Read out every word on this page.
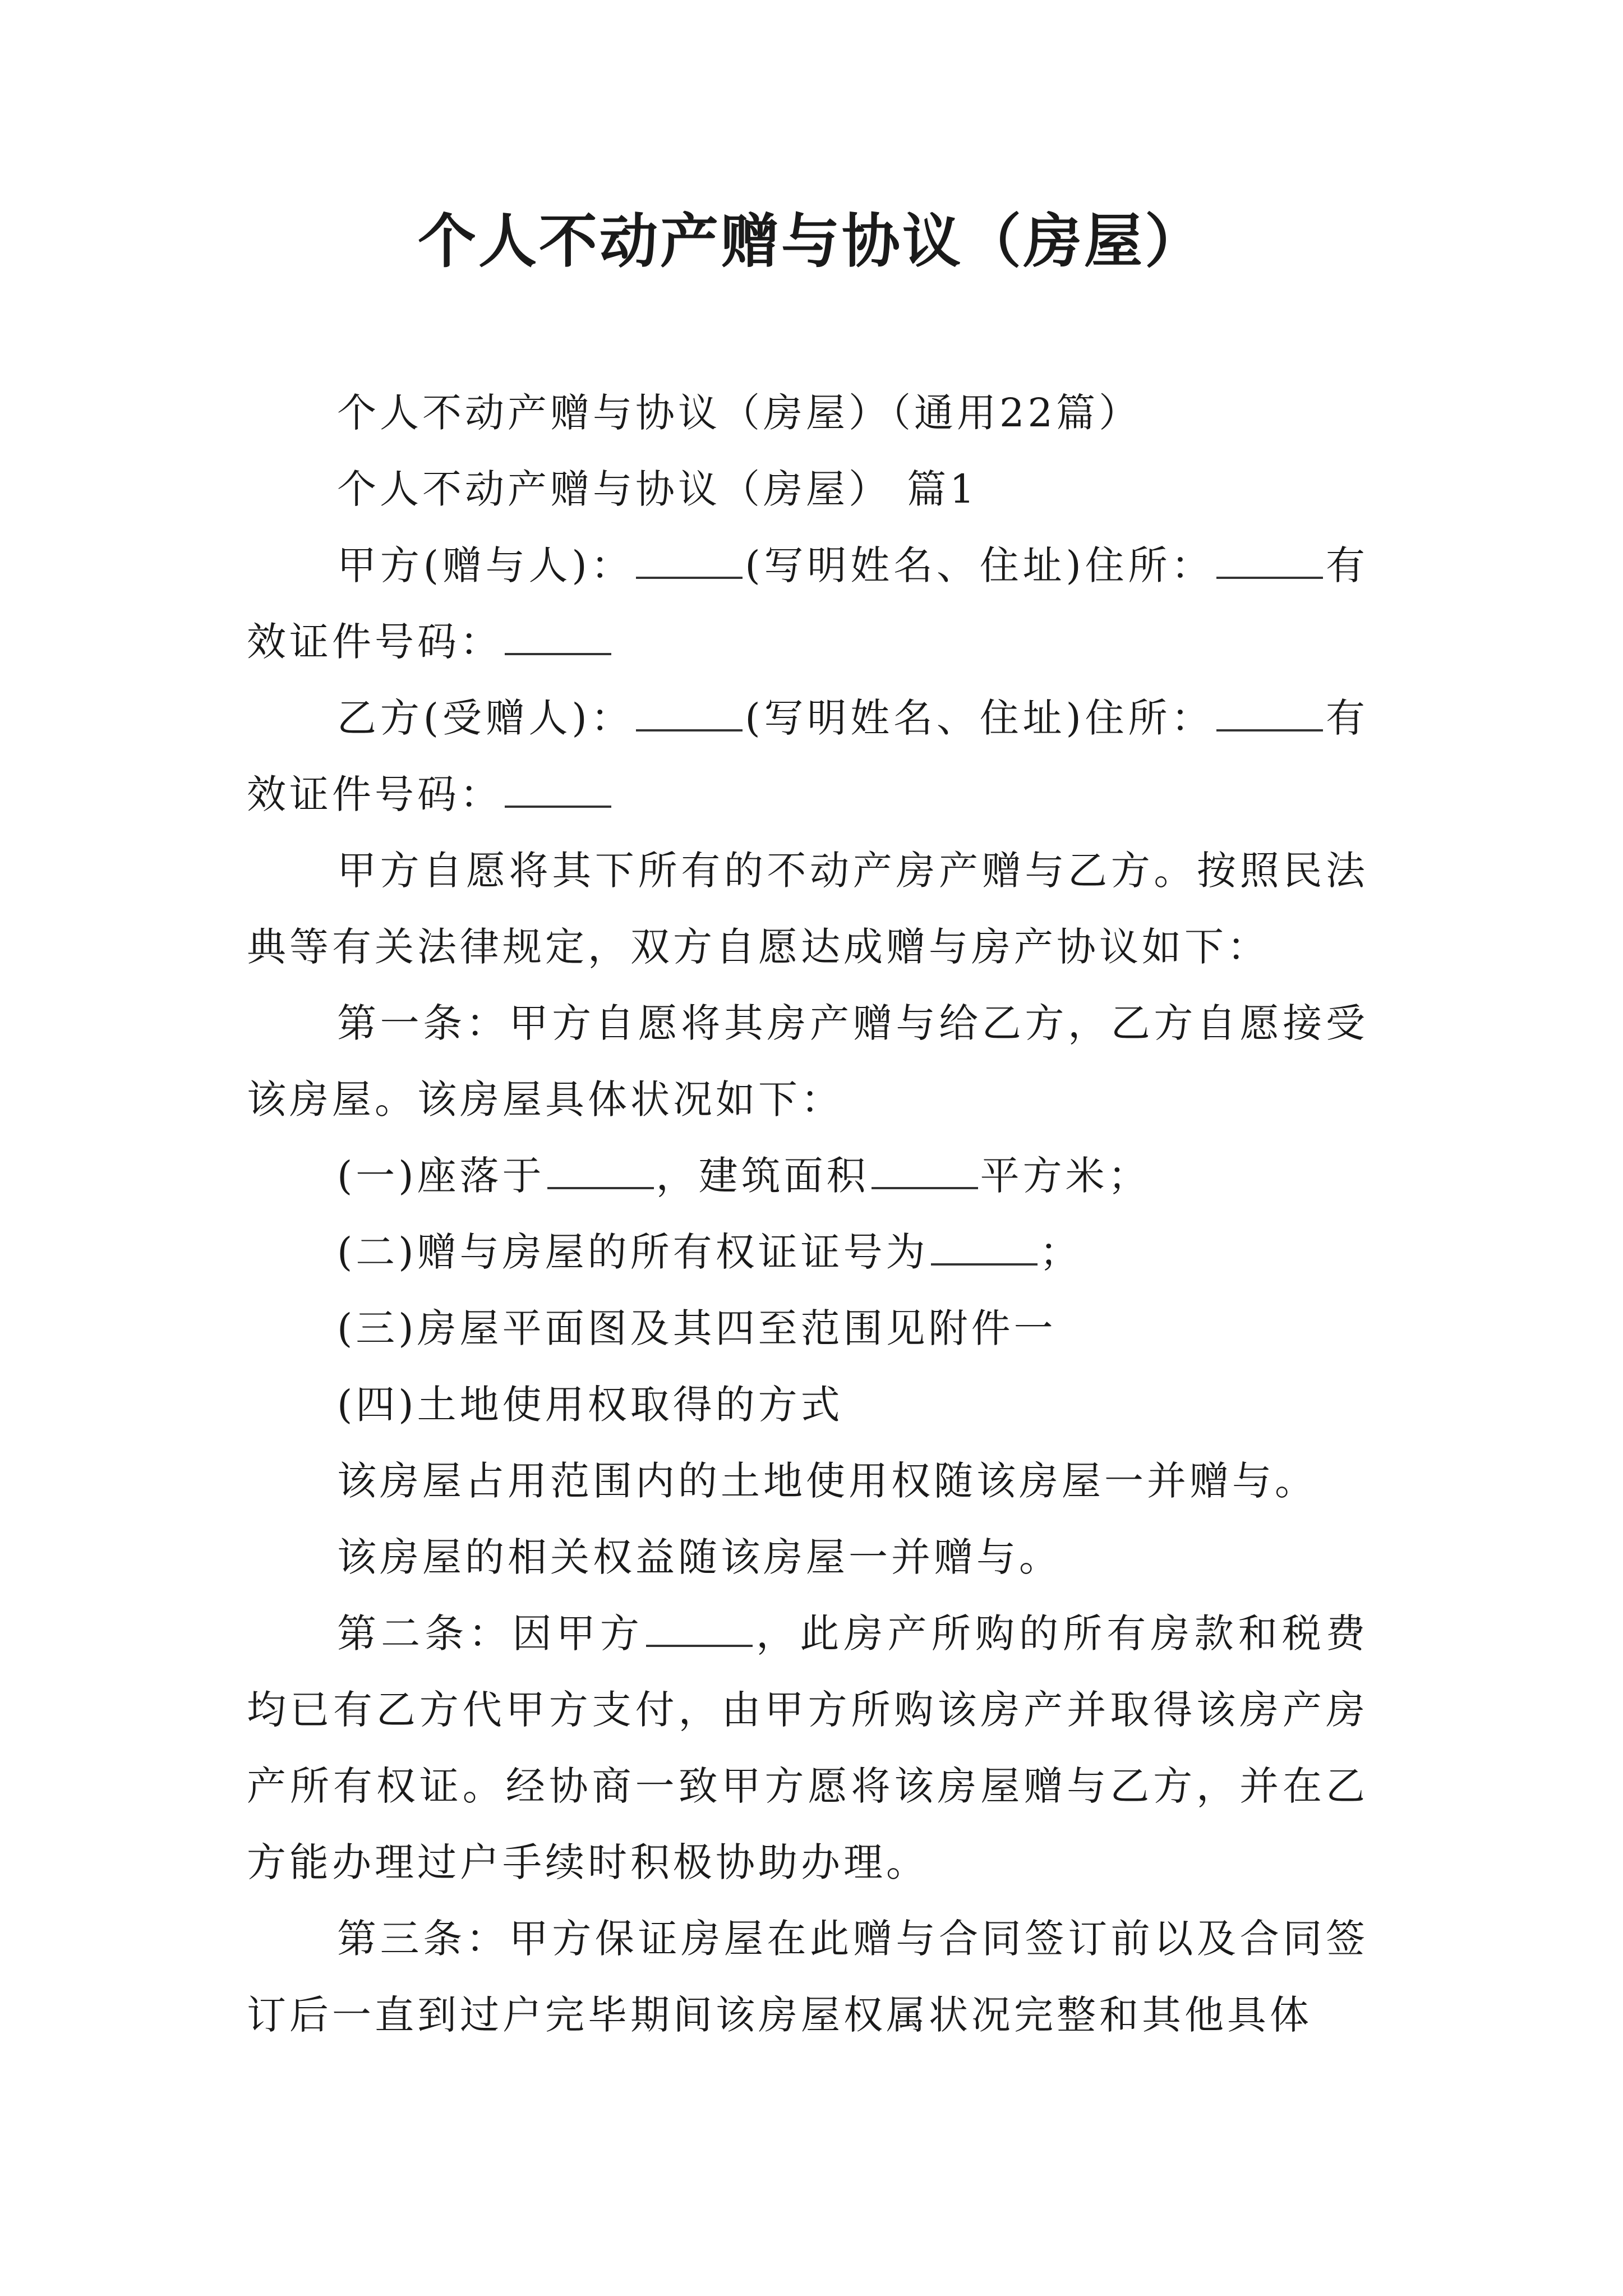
个人不动产赠与协议（房屋）

个人不动产赠与协议（房屋）（通用22篇）

个人不动产赠与协议（房屋） 篇1

甲方(赠与人)：	(写明姓名、住址)住所：	有效证件号码：

乙方(受赠人)：	(写明姓名、住址)住所：	有效证件号码：

甲方自愿将其下所有的不动产房产赠与乙方。按照民法典等有关法律规定，双方自愿达成赠与房产协议如下：

第一条：甲方自愿将其房产赠与给乙方，乙方自愿接受该房屋。该房屋具体状况如下：

(一)座落于	，建筑面积	平方米；

(二)赠与房屋的所有权证证号为	；

(三)房屋平面图及其四至范围见附件一

(四)土地使用权取得的方式

该房屋占用范围内的土地使用权随该房屋一并赠与。

该房屋的相关权益随该房屋一并赠与。

第二条：因甲方	，此房产所购的所有房款和税费均已有乙方代甲方支付，由甲方所购该房产并取得该房产房产所有权证。经协商一致甲方愿将该房屋赠与乙方，并在乙方能办理过户手续时积极协助办理。

第三条：甲方保证房屋在此赠与合同签订前以及合同签订后一直到过户完毕期间该房屋权属状况完整和其他具体
